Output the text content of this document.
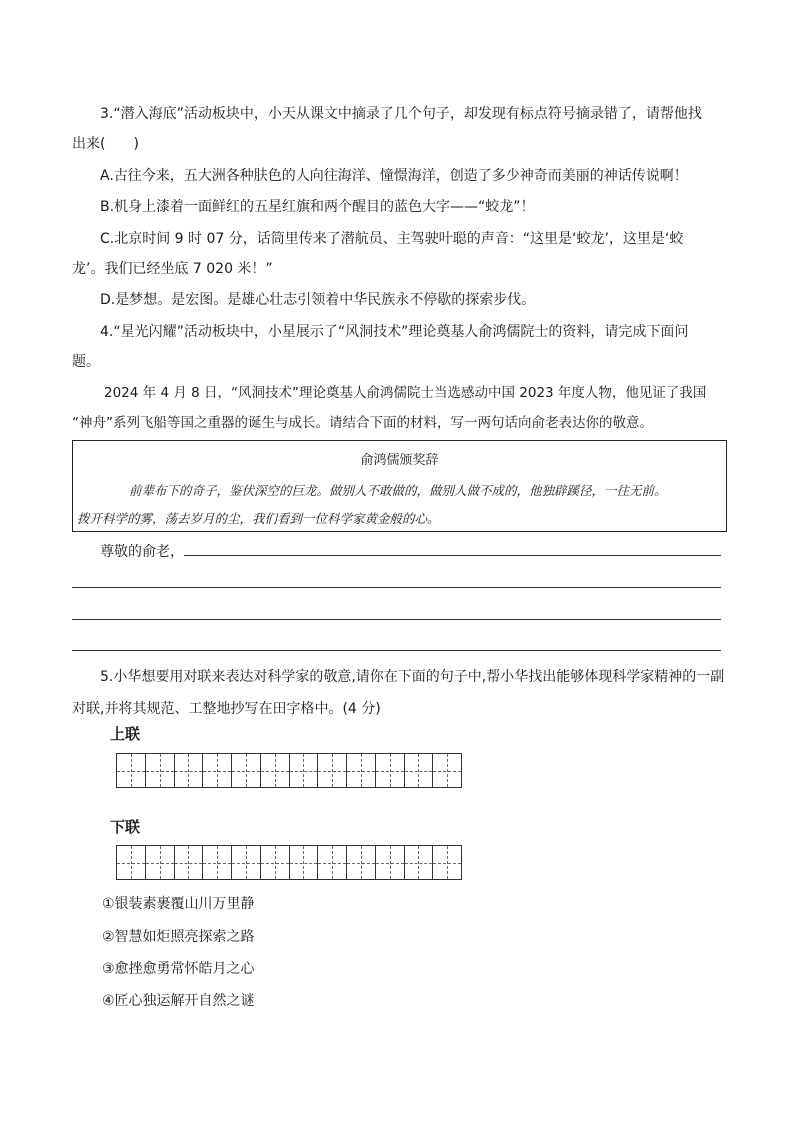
3.“潜入海底”活动板块中，小天从课文中摘录了几个句子，却发现有标点符号摘录错了，请帮他找
出来(　　)
A.古往今来，五大洲各种肤色的人向往海洋、憧憬海洋，创造了多少神奇而美丽的神话传说啊！
B.机身上漆着一面鲜红的五星红旗和两个醒目的蓝色大字——“蛟龙”！
C.北京时间 9 时 07 分，话筒里传来了潜航员、主驾驶叶聪的声音：“这里是‘蛟龙’，这里是‘蛟
龙’。我们已经坐底 7 020 米！”
D.是梦想。是宏图。是雄心壮志引领着中华民族永不停歇的探索步伐。
4.“星光闪耀”活动板块中，小星展示了“风洞技术”理论奠基人俞鸿儒院士的资料，请完成下面问
题。
2024 年 4 月 8 日，“风洞技术”理论奠基人俞鸿儒院士当选感动中国 2023 年度人物，他见证了我国
“神舟”系列飞船等国之重器的诞生与成长。请结合下面的材料，写一两句话向俞老表达你的敬意。
俞鸿儒颁奖辞
前辈布下的奇子，鉴伏深空的巨龙。做别人不敢做的，做别人做不成的，他独辟蹊径，一往无前。
拨开科学的雾，荡去岁月的尘，我们看到一位科学家黄金般的心。
尊敬的俞老，
5.小华想要用对联来表达对科学家的敬意,请你在下面的句子中,帮小华找出能够体现科学家精神的一副
对联,并将其规范、工整地抄写在田字格中。(4 分)
上联
下联
①银装素裹覆山川万里静
②智慧如炬照亮探索之路
③愈挫愈勇常怀皓月之心
④匠心独运解开自然之谜
